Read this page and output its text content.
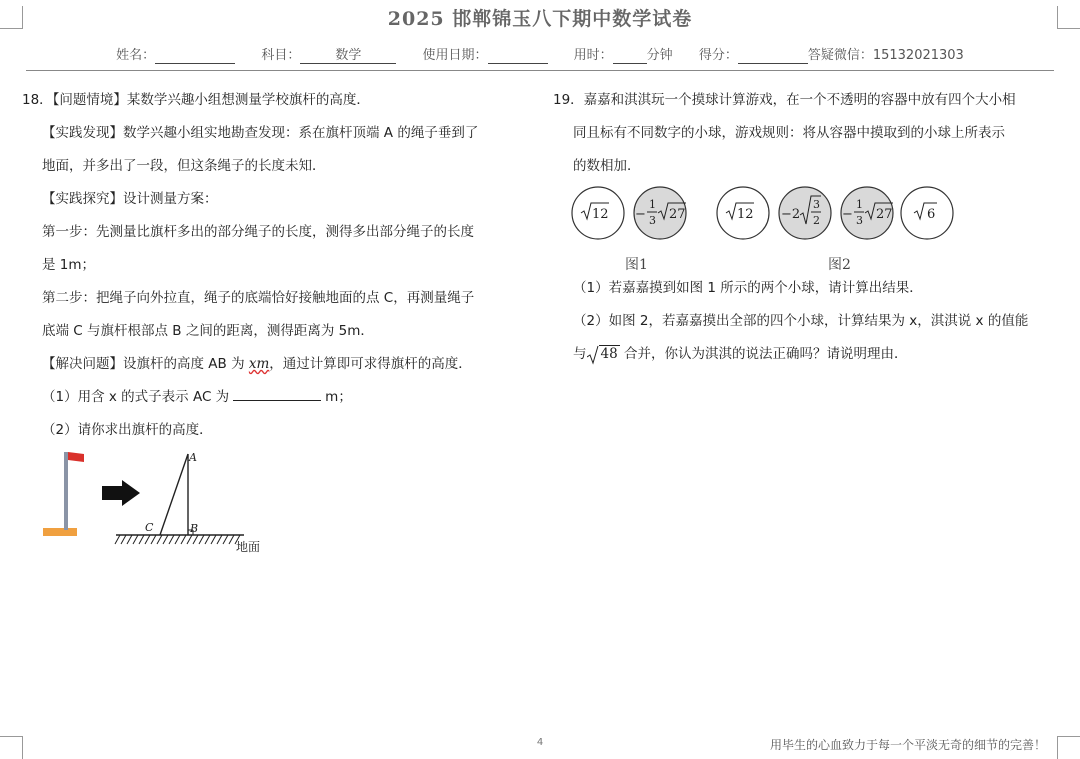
2025 邯郸锦玉八下期中数学试卷
姓名：	科目：	数学	使用日期：	用时：	分钟 得分：	答疑微信：15132021303

18．【问题情境】某数学兴趣小组想测量学校旗杆的高度．

【实践发现】数学兴趣小组实地勘查发现：系在旗杆顶端 A 的绳子垂到了

地面，并多出了一段，但这条绳子的长度未知．

【实践探究】设计测量方案：

第一步：先测量比旗杆多出的部分绳子的长度，测得多出部分绳子的长度

是 1m；

第二步：把绳子向外拉直，绳子的底端恰好接触地面的点 C，再测量绳子

底端 C 与旗杆根部点 B 之间的距离，测得距离为 5m．

【解决问题】设旗杆的高度 AB 为 xm，通过计算即可求得旗杆的高度．

（1）用含 x 的式子表示 AC 为	m；

（2）请你求出旗杆的高度．

A
B
C
地面

19．嘉嘉和淇淇玩一个摸球计算游戏，在一个不透明的容器中放有四个大小相

同且标有不同数字的小球，游戏规则：将从容器中摸取到的小球上所表示

的数相加．

12 −
1
3 27	12 −2
3
2 −
1
3 27	6
图1	图2

（1）若嘉嘉摸到如图 1 所示的两个小球，请计算出结果．

（2）如图 2，若嘉嘉摸出全部的四个小球，计算结果为 x，淇淇说 x 的值能

与 48 合并，你认为淇淇的说法正确吗？请说明理由．

4	用毕生的心血致力于每一个平淡无奇的细节的完善！
